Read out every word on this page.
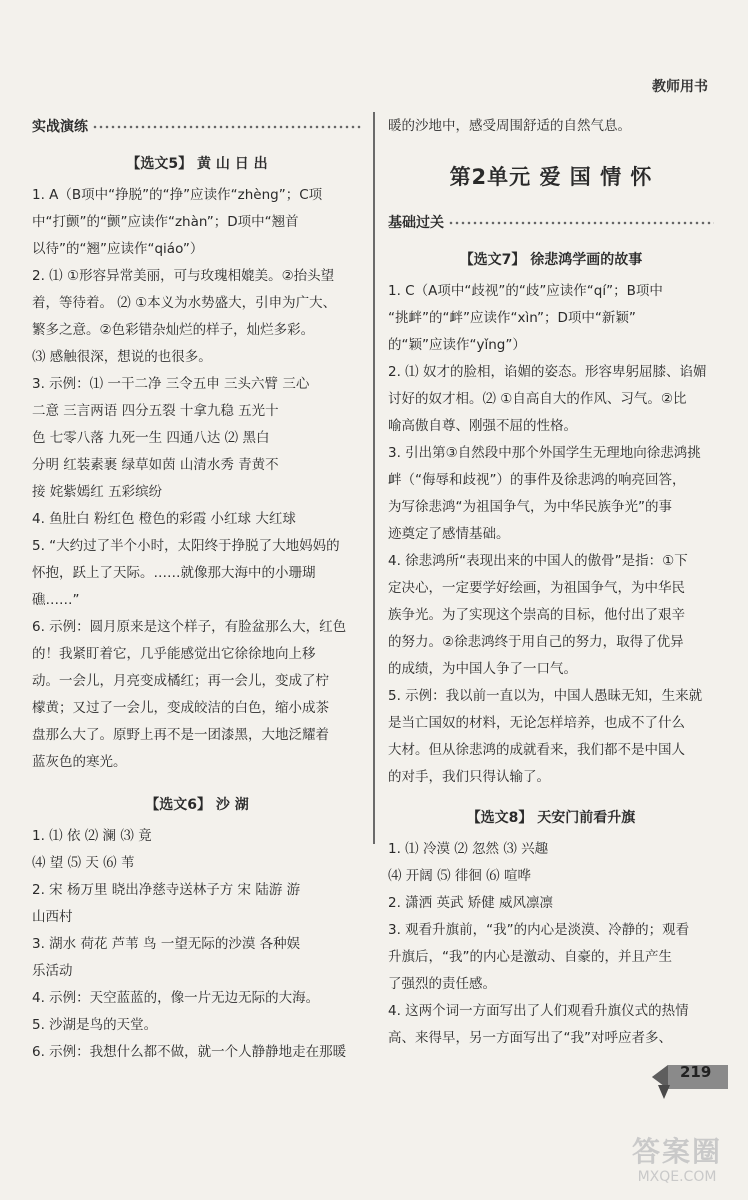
教师用书
实战演练
【选文5】 黄 山 日 出

1. A（B项中“挣脱”的“挣”应读作“zhèng”；C项

中“打颤”的“颤”应读作“zhàn”；D项中“翘首

以待”的“翘”应读作“qiáo”）

2. ⑴ ①形容异常美丽，可与玫瑰相媲美。②抬头望

着，等待着。 ⑵ ①本义为水势盛大，引申为广大、

繁多之意。②色彩错杂灿烂的样子，灿烂多彩。

⑶ 感触很深，想说的也很多。

3. 示例：⑴ 一干二净 三令五申 三头六臂 三心

二意 三言两语 四分五裂 十拿九稳 五光十

色 七零八落 九死一生 四通八达 ⑵ 黑白

分明 红装素裹 绿草如茵 山清水秀 青黄不

接 姹紫嫣红 五彩缤纷

4. 鱼肚白 粉红色 橙色的彩霞 小红球 大红球

5. “大约过了半个小时，太阳终于挣脱了大地妈妈的

怀抱，跃上了天际。……就像那大海中的小珊瑚

礁……”

6. 示例：圆月原来是这个样子，有脸盆那么大，红色

的！我紧盯着它，几乎能感觉出它徐徐地向上移

动。一会儿，月亮变成橘红；再一会儿，变成了柠

檬黄；又过了一会儿，变成皎洁的白色，缩小成茶

盘那么大了。原野上再不是一团漆黑，大地泛耀着

蓝灰色的寒光。

【选文6】 沙 湖

1. ⑴ 依 ⑵ 澜 ⑶ 竟

⑷ 望 ⑸ 天 ⑹ 苇

2. 宋 杨万里 晓出净慈寺送林子方 宋 陆游 游

山西村

3. 湖水 荷花 芦苇 鸟 一望无际的沙漠 各种娱

乐活动

4. 示例：天空蓝蓝的，像一片无边无际的大海。

5. 沙湖是鸟的天堂。

6. 示例：我想什么都不做，就一个人静静地走在那暖

暖的沙地中，感受周围舒适的自然气息。

第2单元 爱 国 情 怀
基础过关
【选文7】 徐悲鸿学画的故事

1. C（A项中“歧视”的“歧”应读作“qí”；B项中

“挑衅”的“衅”应读作“xìn”；D项中“新颖”

的“颖”应读作“yǐng”）

2. ⑴ 奴才的脸相，谄媚的姿态。形容卑躬屈膝、谄媚

讨好的奴才相。⑵ ①自高自大的作风、习气。②比

喻高傲自尊、刚强不屈的性格。

3. 引出第③自然段中那个外国学生无理地向徐悲鸿挑

衅（“侮辱和歧视”）的事件及徐悲鸿的响亮回答，

为写徐悲鸿“为祖国争气，为中华民族争光”的事

迹奠定了感情基础。

4. 徐悲鸿所“表现出来的中国人的傲骨”是指：①下

定决心，一定要学好绘画，为祖国争气，为中华民

族争光。为了实现这个崇高的目标，他付出了艰辛

的努力。②徐悲鸿终于用自己的努力，取得了优异

的成绩，为中国人争了一口气。

5. 示例：我以前一直以为，中国人愚昧无知，生来就

是当亡国奴的材料，无论怎样培养，也成不了什么

大材。但从徐悲鸿的成就看来，我们都不是中国人

的对手，我们只得认输了。

【选文8】 天安门前看升旗

1. ⑴ 冷漠 ⑵ 忽然 ⑶ 兴趣

⑷ 开阔 ⑸ 徘徊 ⑹ 喧哗

2. 潇洒 英武 矫健 威风凛凛

3. 观看升旗前，“我”的内心是淡漠、冷静的；观看

升旗后，“我”的内心是激动、自豪的，并且产生

了强烈的责任感。

4. 这两个词一方面写出了人们观看升旗仪式的热情

高、来得早，另一方面写出了“我”对呼应者多、

219
答案圈
MXQE.COM
